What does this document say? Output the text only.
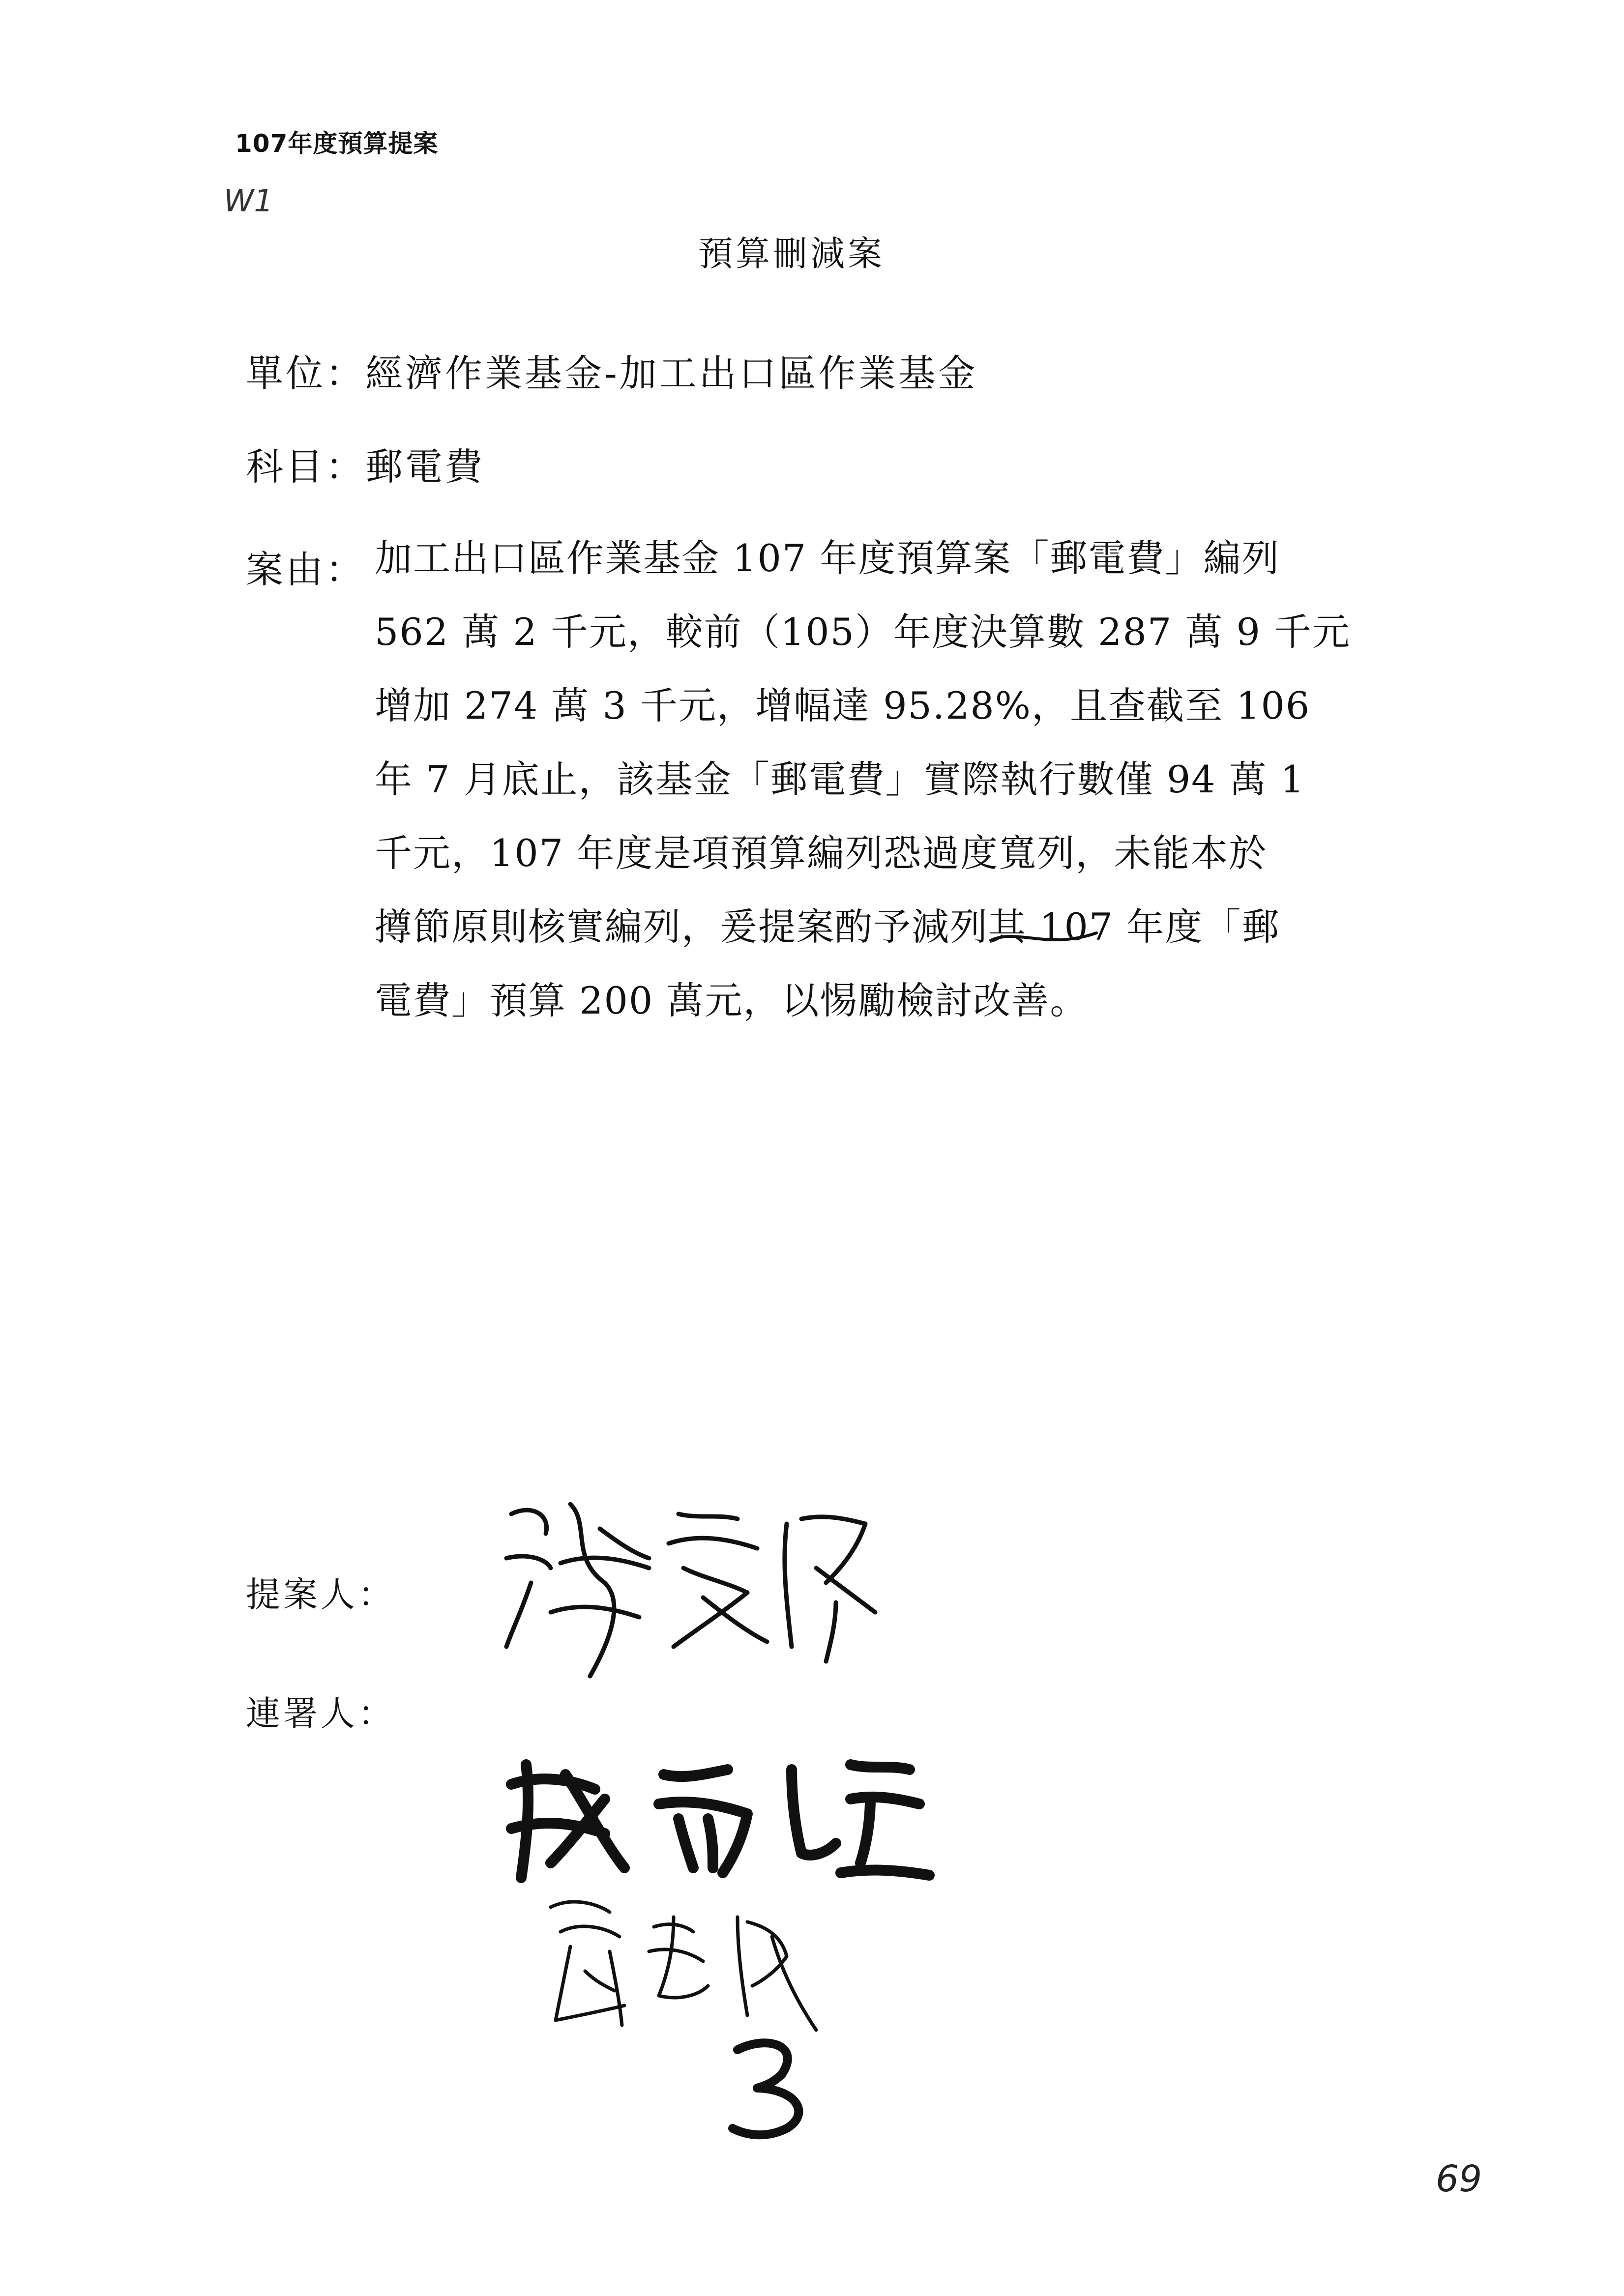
107年度預算提案
W1
預算刪減案
單位：經濟作業基金-加工出口區作業基金
科目：郵電費
案由： 加工出口區作業基金 107 年度預算案「郵電費」編列
562 萬 2 千元，較前（105）年度決算數 287 萬 9 千元
增加 274 萬 3 千元，增幅達 95.28%，且查截至 106
年 7 月底止，該基金「郵電費」實際執行數僅 94 萬 1
千元，107 年度是項預算編列恐過度寬列，未能本於
撙節原則核實編列，爰提案酌予減列其 107 年度「郵
電費」預算 200 萬元，以惕勵檢討改善。
提案人：
連署人：
69
